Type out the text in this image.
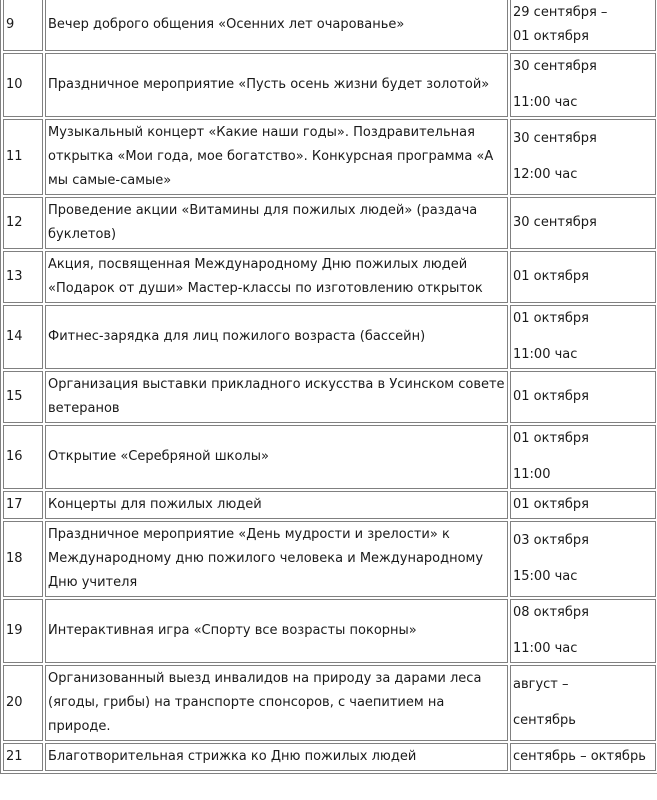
9	Вечер доброго общения «Осенних лет очарованье»	29 сентября –
01 октября

10	Праздничное мероприятие «Пусть осень жизни будет золотой»	30 сентября
11:00 час

11	Музыкальный концерт «Какие наши годы». Поздравительная открытка «Мои года, мое богатство». Конкурсная программа «А мы самые-самые»	30 сентября
12:00 час

12	Проведение акции «Витамины для пожилых людей» (раздача буклетов)	30 сентября

13	Акция, посвященная Международному Дню пожилых людей «Подарок от души» Мастер-классы по изготовлению открыток	01 октября

14	Фитнес-зарядка для лиц пожилого возраста (бассейн)	01 октября
11:00 час

15	Организация выставки прикладного искусства в Усинском совете ветеранов	01 октября

16	Открытие «Серебряной школы»	01 октября
11:00

17	Концерты для пожилых людей	01 октября

18	Праздничное мероприятие «День мудрости и зрелости» к Международному дню пожилого человека и Международному Дню учителя	03 октября
15:00 час

19	Интерактивная игра «Спорту все возрасты покорны»	08 октября
11:00 час

20	Организованный выезд инвалидов на природу за дарами леса (ягоды, грибы) на транспорте спонсоров, с чаепитием на природе.	август –
сентябрь

21	Благотворительная стрижка ко Дню пожилых людей	сентябрь – октябрь
